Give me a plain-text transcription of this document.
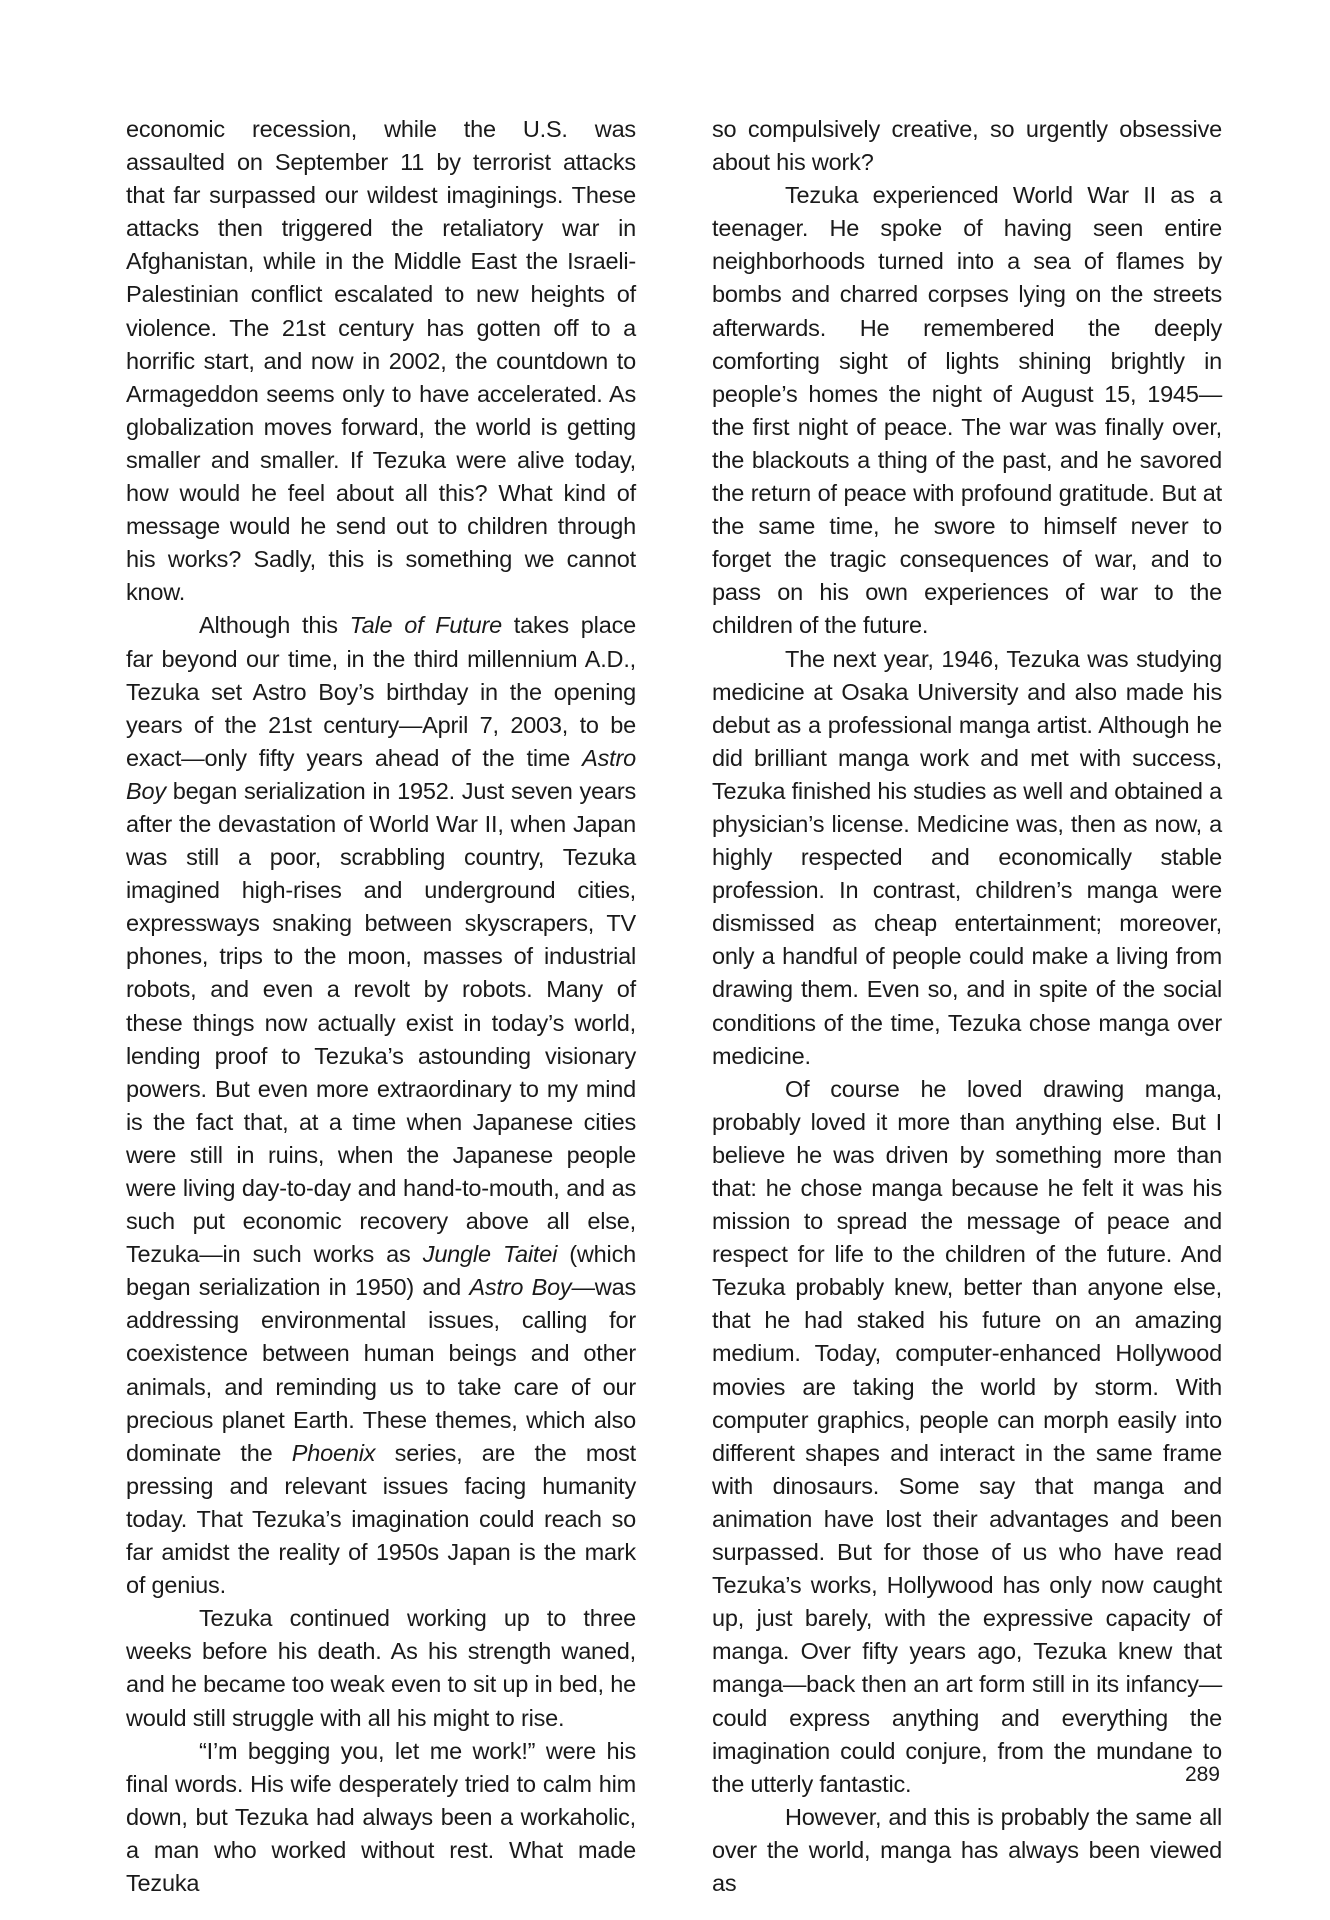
economic recession, while the U.S. was assaulted on September 11 by terrorist attacks that far surpassed our wildest imaginings. These attacks then triggered the retaliatory war in Afghanistan, while in the Middle East the Israeli-Palestinian conflict escalated to new heights of violence. The 21st century has gotten off to a horrific start, and now in 2002, the countdown to Armageddon seems only to have accelerated. As globalization moves forward, the world is getting smaller and smaller. If Tezuka were alive today, how would he feel about all this? What kind of message would he send out to children through his works? Sadly, this is something we cannot know.

Although this Tale of Future takes place far beyond our time, in the third millennium A.D., Tezuka set Astro Boy’s birthday in the opening years of the 21st century—April 7, 2003, to be exact—only fifty years ahead of the time Astro Boy began serialization in 1952. Just seven years after the devastation of World War II, when Japan was still a poor, scrabbling country, Tezuka imagined high-rises and underground cities, expressways snaking between skyscrapers, TV phones, trips to the moon, masses of industrial robots, and even a revolt by robots. Many of these things now actually exist in today’s world, lending proof to Tezuka’s astounding visionary powers. But even more extraordinary to my mind is the fact that, at a time when Japanese cities were still in ruins, when the Japanese people were living day-to-day and hand-to-mouth, and as such put economic recovery above all else, Tezuka—in such works as Jungle Taitei (which began serialization in 1950) and Astro Boy—was addressing environmental issues, calling for coexistence between human beings and other animals, and reminding us to take care of our precious planet Earth. These themes, which also dominate the Phoenix series, are the most pressing and relevant issues facing humanity today. That Tezuka’s imagination could reach so far amidst the reality of 1950s Japan is the mark of genius.

Tezuka continued working up to three weeks before his death. As his strength waned, and he became too weak even to sit up in bed, he would still struggle with all his might to rise.

“I’m begging you, let me work!” were his final words. His wife desperately tried to calm him down, but Tezuka had always been a workaholic, a man who worked without rest. What made Tezuka

so compulsively creative, so urgently obsessive about his work?

Tezuka experienced World War II as a teenager. He spoke of having seen entire neighborhoods turned into a sea of flames by bombs and charred corpses lying on the streets afterwards. He remembered the deeply comforting sight of lights shining brightly in people’s homes the night of August 15, 1945—the first night of peace. The war was finally over, the blackouts a thing of the past, and he savored the return of peace with profound gratitude. But at the same time, he swore to himself never to forget the tragic consequences of war, and to pass on his own experiences of war to the children of the future.

The next year, 1946, Tezuka was studying medicine at Osaka University and also made his debut as a professional manga artist. Although he did brilliant manga work and met with success, Tezuka finished his studies as well and obtained a physician’s license. Medicine was, then as now, a highly respected and economically stable profession. In contrast, children’s manga were dismissed as cheap entertainment; moreover, only a handful of people could make a living from drawing them. Even so, and in spite of the social conditions of the time, Tezuka chose manga over medicine.

Of course he loved drawing manga, probably loved it more than anything else. But I believe he was driven by something more than that: he chose manga because he felt it was his mission to spread the message of peace and respect for life to the children of the future. And Tezuka probably knew, better than anyone else, that he had staked his future on an amazing medium. Today, computer-enhanced Hollywood movies are taking the world by storm. With computer graphics, people can morph easily into different shapes and interact in the same frame with dinosaurs. Some say that manga and animation have lost their advantages and been surpassed. But for those of us who have read Tezuka’s works, Hollywood has only now caught up, just barely, with the expressive capacity of manga. Over fifty years ago, Tezuka knew that manga—back then an art form still in its infancy—could express anything and everything the imagination could conjure, from the mundane to the utterly fantastic.

However, and this is probably the same all over the world, manga has always been viewed as

289
